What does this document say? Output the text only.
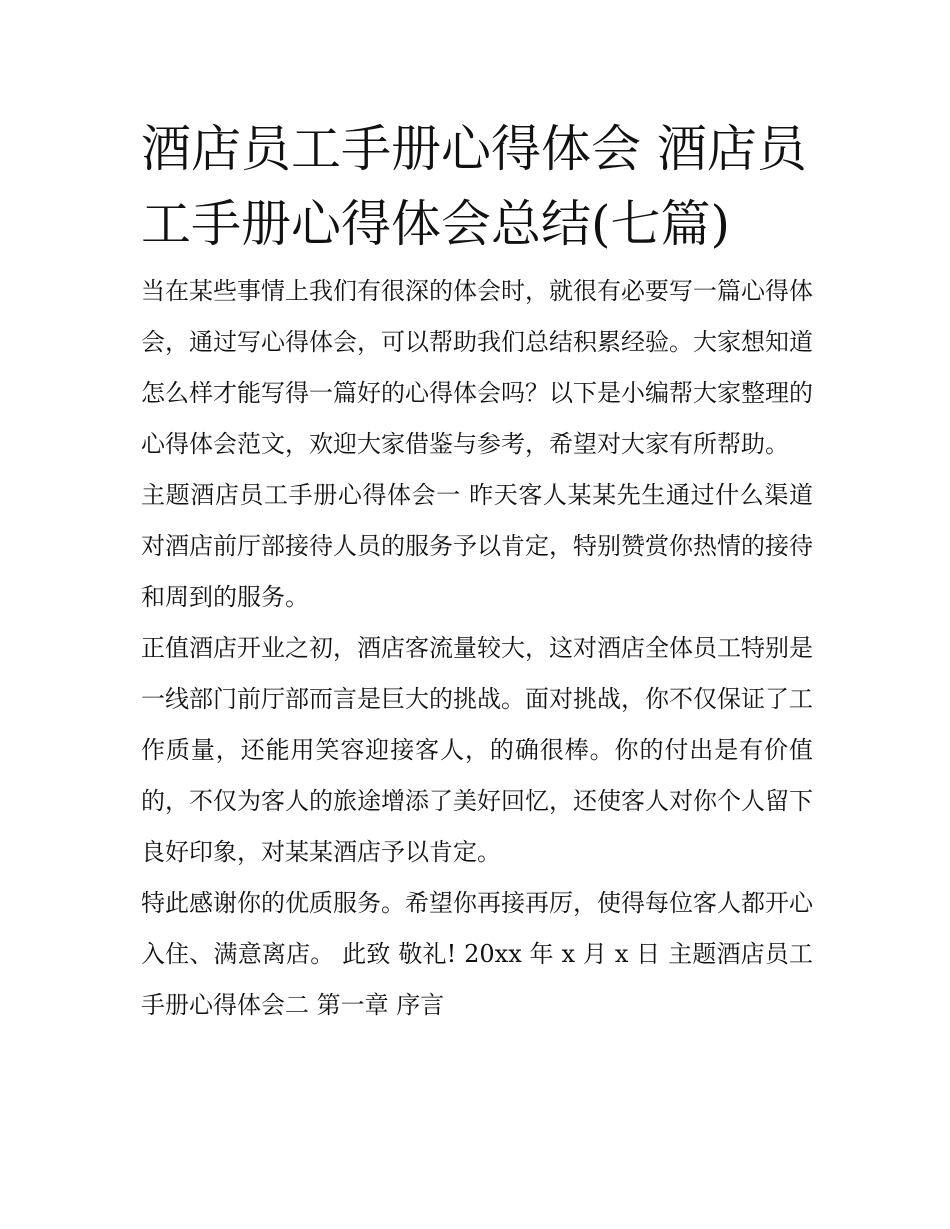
酒店员工手册心得体会 酒店员工手册心得体会总结(七篇)

当在某些事情上我们有很深的体会时，就很有必要写一篇心得体会，通过写心得体会，可以帮助我们总结积累经验。大家想知道怎么样才能写得一篇好的心得体会吗？以下是小编帮大家整理的心得体会范文，欢迎大家借鉴与参考，希望对大家有所帮助。

主题酒店员工手册心得体会一 昨天客人某某先生通过什么渠道对酒店前厅部接待人员的服务予以肯定，特别赞赏你热情的接待和周到的服务。

正值酒店开业之初，酒店客流量较大，这对酒店全体员工特别是一线部门前厅部而言是巨大的挑战。面对挑战，你不仅保证了工作质量，还能用笑容迎接客人，的确很棒。你的付出是有价值的，不仅为客人的旅途增添了美好回忆，还使客人对你个人留下良好印象，对某某酒店予以肯定。

特此感谢你的优质服务。希望你再接再厉，使得每位客人都开心入住、满意离店。 此致 敬礼! 20xx 年 x 月 x 日 主题酒店员工手册心得体会二 第一章 序言
